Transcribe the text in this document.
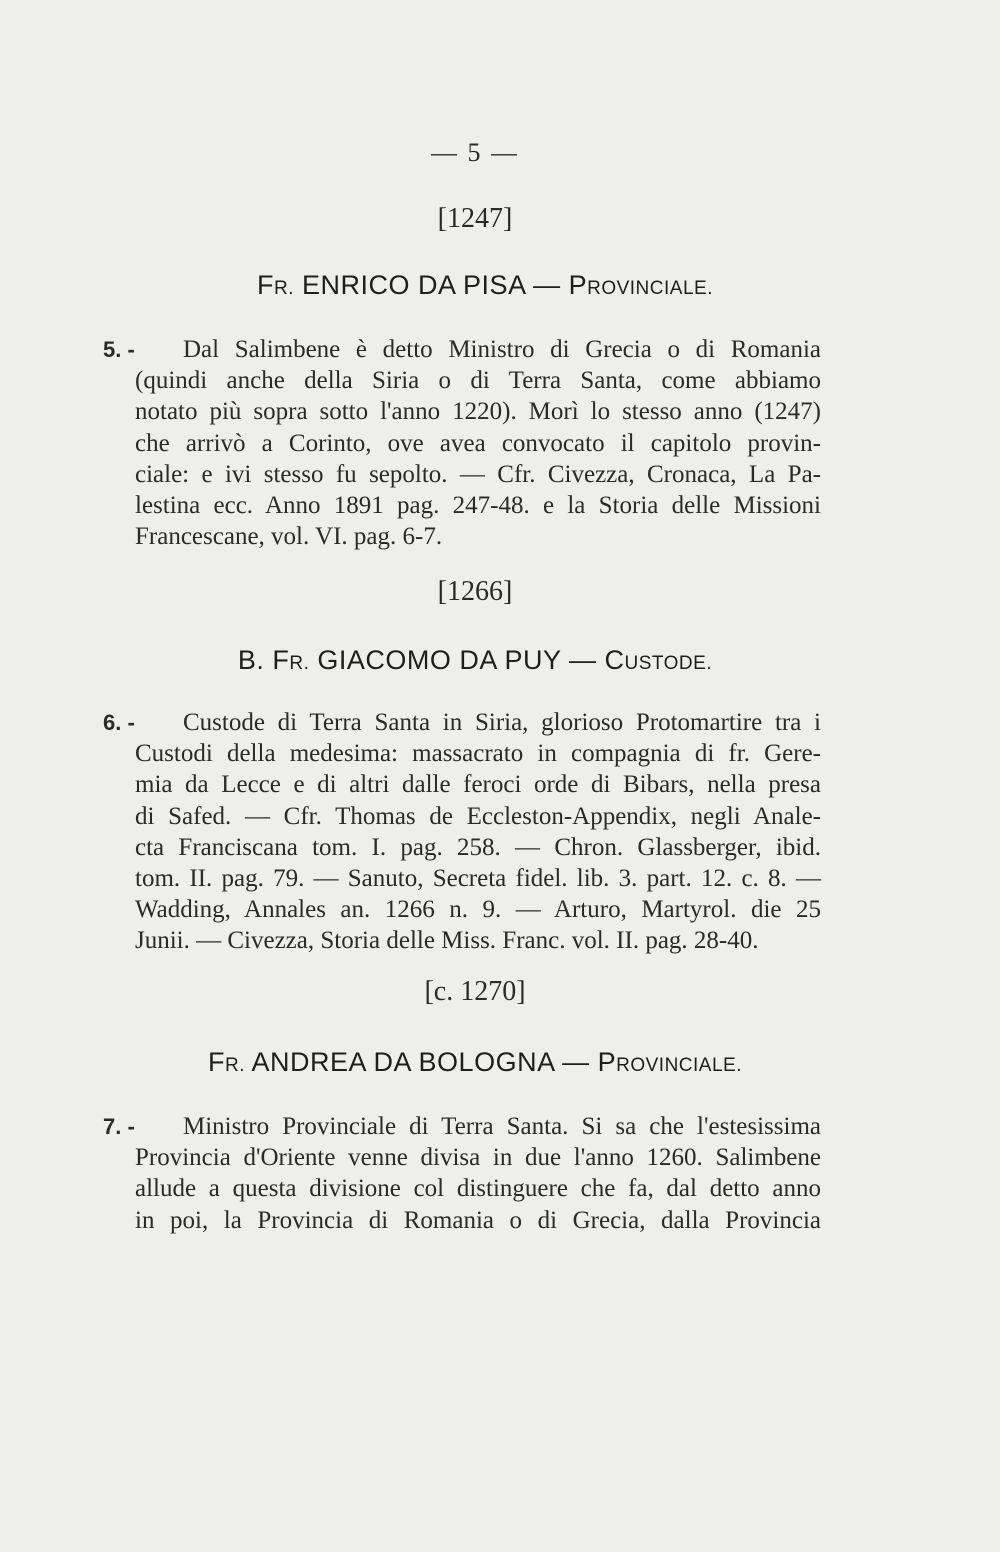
— 5 —
[1247]
FR. ENRICO DA PISA — PROVINCIALE.
5. -	Dal Salimbene è detto Ministro di Grecia o di Romania
(quindi anche della Siria o di Terra Santa, come abbiamo
notato più sopra sotto l'anno 1220). Morì lo stesso anno (1247)
che arrivò a Corinto, ove avea convocato il capitolo provin-
ciale: e ivi stesso fu sepolto. — Cfr. Civezza, Cronaca, La Pa-
lestina ecc. Anno 1891 pag. 247-48. e la Storia delle Missioni
Francescane, vol. VI. pag. 6-7.
[1266]
B. FR. GIACOMO DA PUY — CUSTODE.
6. -	Custode di Terra Santa in Siria, glorioso Protomartire tra i
Custodi della medesima: massacrato in compagnia di fr. Gere-
mia da Lecce e di altri dalle feroci orde di Bibars, nella presa
di Safed. — Cfr. Thomas de Eccleston-Appendix, negli Anale-
cta Franciscana tom. I. pag. 258. — Chron. Glassberger, ibid.
tom. II. pag. 79. — Sanuto, Secreta fidel. lib. 3. part. 12. c. 8. —
Wadding, Annales an. 1266 n. 9. — Arturo, Martyrol. die 25
Junii. — Civezza, Storia delle Miss. Franc. vol. II. pag. 28-40.
[c. 1270]
FR. ANDREA DA BOLOGNA — PROVINCIALE.
7. -	Ministro Provinciale di Terra Santa. Si sa che l'estesissima
Provincia d'Oriente venne divisa in due l'anno 1260. Salimbene
allude a questa divisione col distinguere che fa, dal detto anno
in poi, la Provincia di Romania o di Grecia, dalla Provincia
